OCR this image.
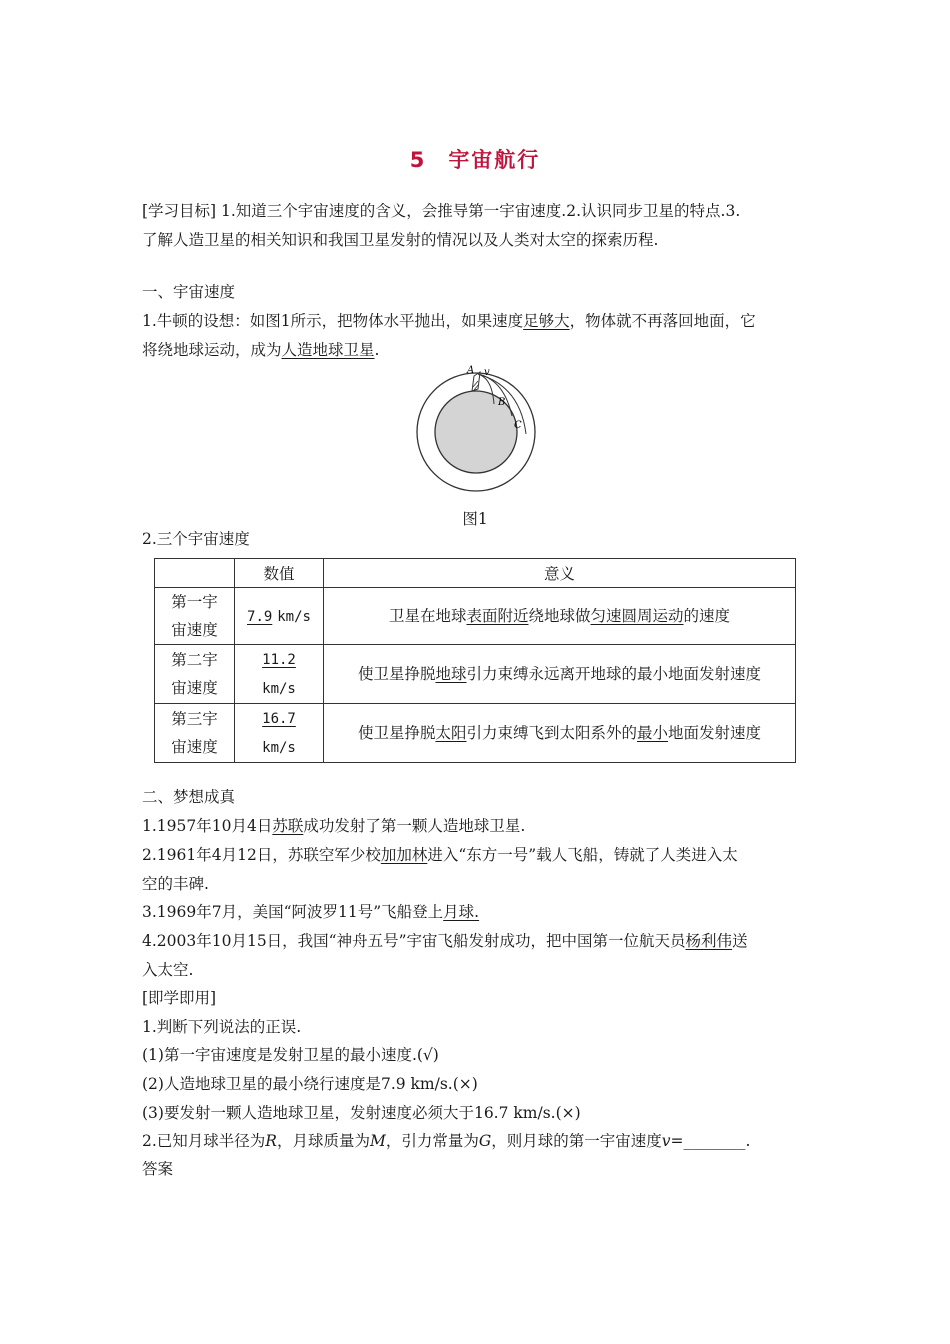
5 宇宙航行
[学习目标] 1.知道三个宇宙速度的含义，会推导第一宇宙速度.2.认识同步卫星的特点.3.
了解人造卫星的相关知识和我国卫星发射的情况以及人类对太空的探索历程.
一、宇宙速度
1.牛顿的设想：如图1所示，把物体水平抛出，如果速度足够大，物体就不再落回地面，它
将绕地球运动，成为人造地球卫星.
A v
B
C
图1
2.三个宇宙速度
	数值	意义
第一宇
宙速度	7.9 km/s	卫星在地球表面附近绕地球做匀速圆周运动的速度
第二宇
宙速度	11.2
km/s	使卫星挣脱地球引力束缚永远离开地球的最小地面发射速度
第三宇
宙速度	16.7
km/s	使卫星挣脱太阳引力束缚飞到太阳系外的最小地面发射速度
二、梦想成真
1.1957年10月4日苏联成功发射了第一颗人造地球卫星.
2.1961年4月12日，苏联空军少校加加林进入“东方一号”载人飞船，铸就了人类进入太
空的丰碑.
3.1969年7月，美国“阿波罗11号”飞船登上月球.
4.2003年10月15日，我国“神舟五号”宇宙飞船发射成功，把中国第一位航天员杨利伟送
入太空.
[即学即用]
1.判断下列说法的正误.
(1)第一宇宙速度是发射卫星的最小速度.(√)
(2)人造地球卫星的最小绕行速度是7.9 km/s.(×)
(3)要发射一颗人造地球卫星，发射速度必须大于16.7 km/s.(×)
2.已知月球半径为R，月球质量为M，引力常量为G，则月球的第一宇宙速度v=________.
答案
